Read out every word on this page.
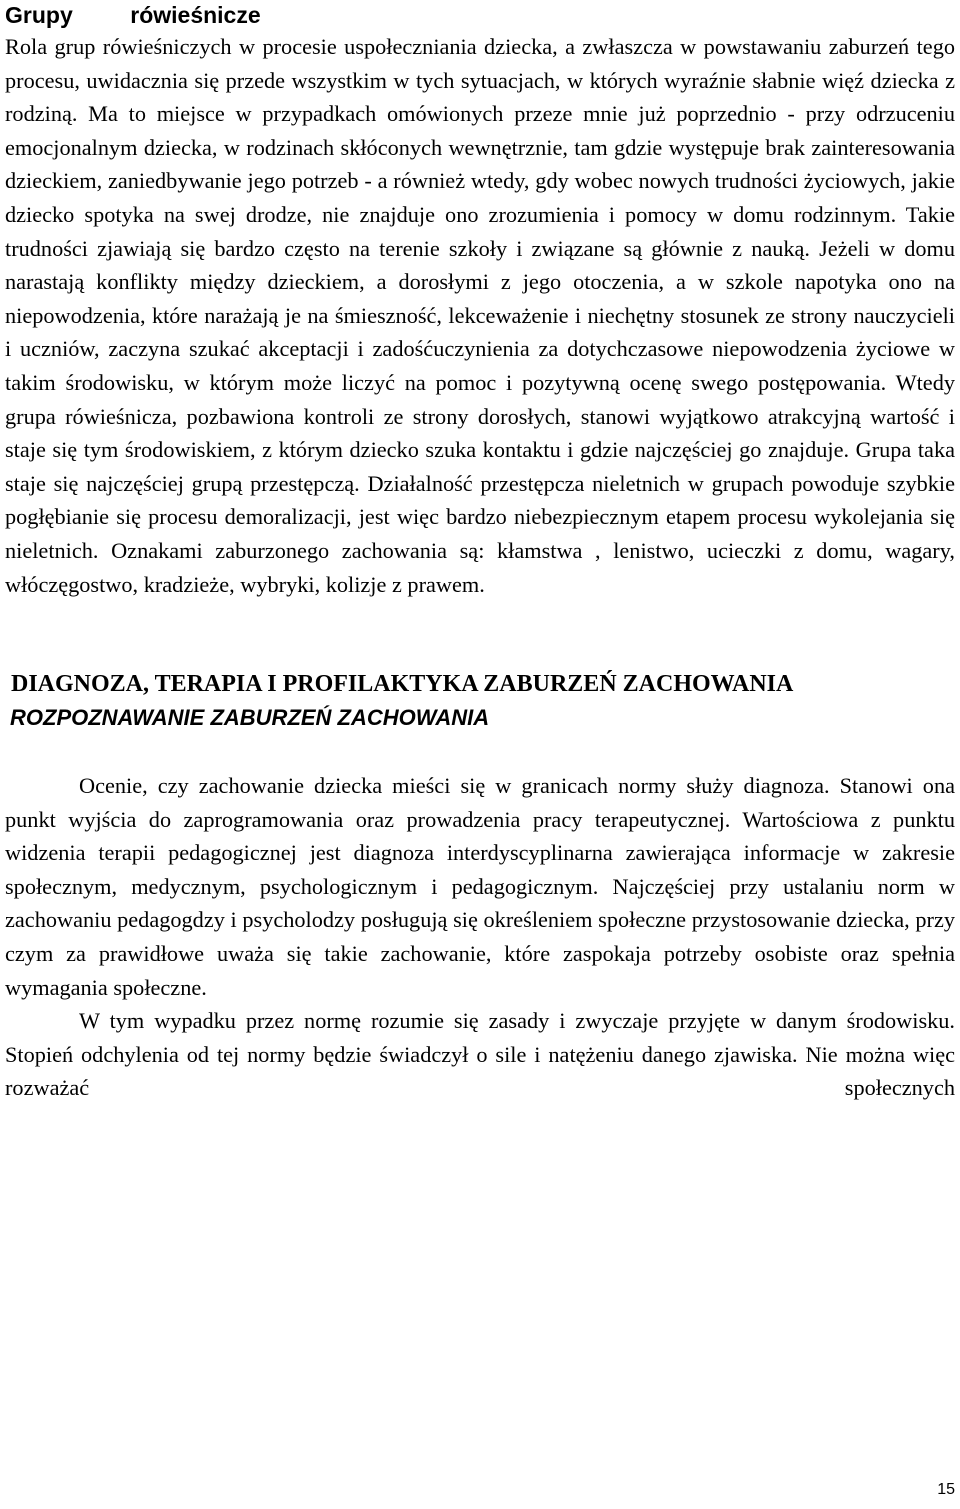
Grupy         rówieśnicze

Rola grup rówieśniczych w procesie uspołeczniania dziecka, a zwłaszcza w powstawaniu zaburzeń tego procesu, uwidacznia się przede wszystkim w tych sytuacjach, w których wyraźnie słabnie więź dziecka z rodziną. Ma to miejsce w przypadkach omówionych przeze mnie już poprzednio - przy odrzuceniu emocjonalnym dziecka, w rodzinach skłóconych wewnętrznie, tam gdzie występuje brak zainteresowania dzieckiem, zaniedbywanie jego potrzeb - a również wtedy, gdy wobec nowych trudności życiowych, jakie dziecko spotyka na swej drodze, nie znajduje ono zrozumienia i pomocy w domu rodzinnym. Takie trudności zjawiają się bardzo często na terenie szkoły i związane są głównie z nauką. Jeżeli w domu narastają konflikty między dzieckiem, a dorosłymi z jego otoczenia, a w szkole napotyka ono na niepowodzenia, które narażają je na śmieszność, lekceważenie i niechętny stosunek ze strony nauczycieli i uczniów, zaczyna szukać akceptacji i zadośćuczynienia za dotychczasowe niepowodzenia życiowe w takim środowisku, w którym może liczyć na pomoc i pozytywną ocenę swego postępowania. Wtedy grupa rówieśnicza, pozbawiona kontroli ze strony dorosłych, stanowi wyjątkowo atrakcyjną wartość i staje się tym środowiskiem, z którym dziecko szuka kontaktu i gdzie najczęściej go znajduje. Grupa taka staje się najczęściej grupą przestępczą. Działalność przestępcza nieletnich w grupach powoduje szybkie pogłębianie się procesu demoralizacji, jest więc bardzo niebezpiecznym etapem procesu wykolejania się nieletnich. Oznakami zaburzonego zachowania są: kłamstwa , lenistwo, ucieczki z domu, wagary, włóczęgostwo, kradzieże, wybryki, kolizje z prawem.

DIAGNOZA, TERAPIA I PROFILAKTYKA ZABURZEŃ ZACHOWANIA

ROZPOZNAWANIE ZABURZEŃ ZACHOWANIA

Ocenie, czy zachowanie dziecka mieści się w granicach normy służy diagnoza. Stanowi ona punkt wyjścia do zaprogramowania oraz prowadzenia pracy terapeutycznej. Wartościowa z punktu widzenia terapii pedagogicznej jest diagnoza interdyscyplinarna zawierająca informacje w zakresie społecznym, medycznym, psychologicznym i pedagogicznym. Najczęściej przy ustalaniu norm w zachowaniu pedagogdzy i psycholodzy posługują się określeniem społeczne przystosowanie dziecka, przy czym za prawidłowe uważa się takie zachowanie, które zaspokaja potrzeby osobiste oraz spełnia wymagania społeczne.

W tym wypadku przez normę rozumie się zasady i zwyczaje przyjęte w danym środowisku. Stopień odchylenia od tej normy będzie świadczył o sile i natężeniu danego zjawiska. Nie można więc rozważać społecznych

15
